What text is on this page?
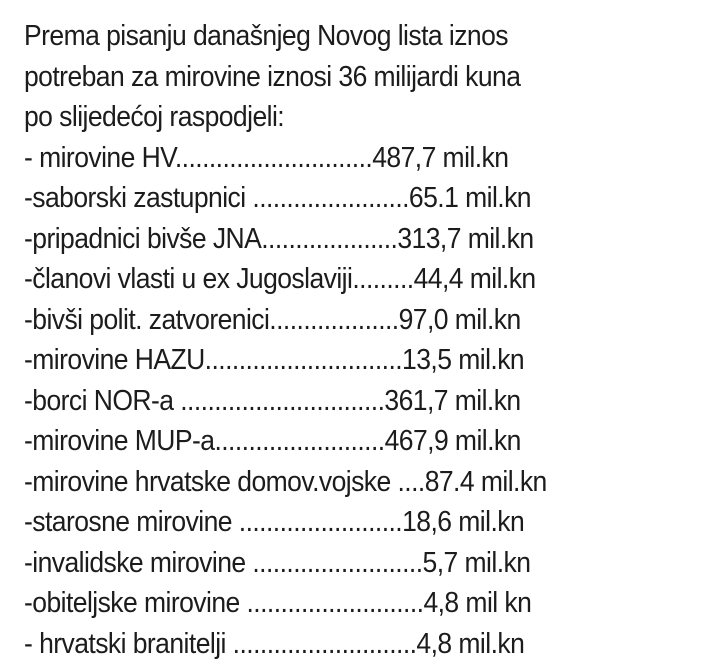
Prema pisanju današnjeg Novog lista iznos
potreban za mirovine iznosi 36 milijardi kuna
po slijedećoj raspodjeli:
- mirovine HV.............................487,7 mil.kn
-saborski zastupnici .......................65.1 mil.kn
-pripadnici bivše JNA....................313,7 mil.kn
-članovi vlasti u ex Jugoslaviji.........44,4 mil.kn
-bivši polit. zatvorenici...................97,0 mil.kn
-mirovine HAZU.............................13,5 mil.kn
-borci NOR-a ..............................361,7 mil.kn
-mirovine MUP-a.........................467,9 mil.kn
-mirovine hrvatske domov.vojske ....87.4 mil.kn
-starosne mirovine ........................18,6 mil.kn
-invalidske mirovine .........................5,7 mil.kn
-obiteljske mirovine ..........................4,8 mil kn
- hrvatski branitelji ...........................4,8 mil.kn
